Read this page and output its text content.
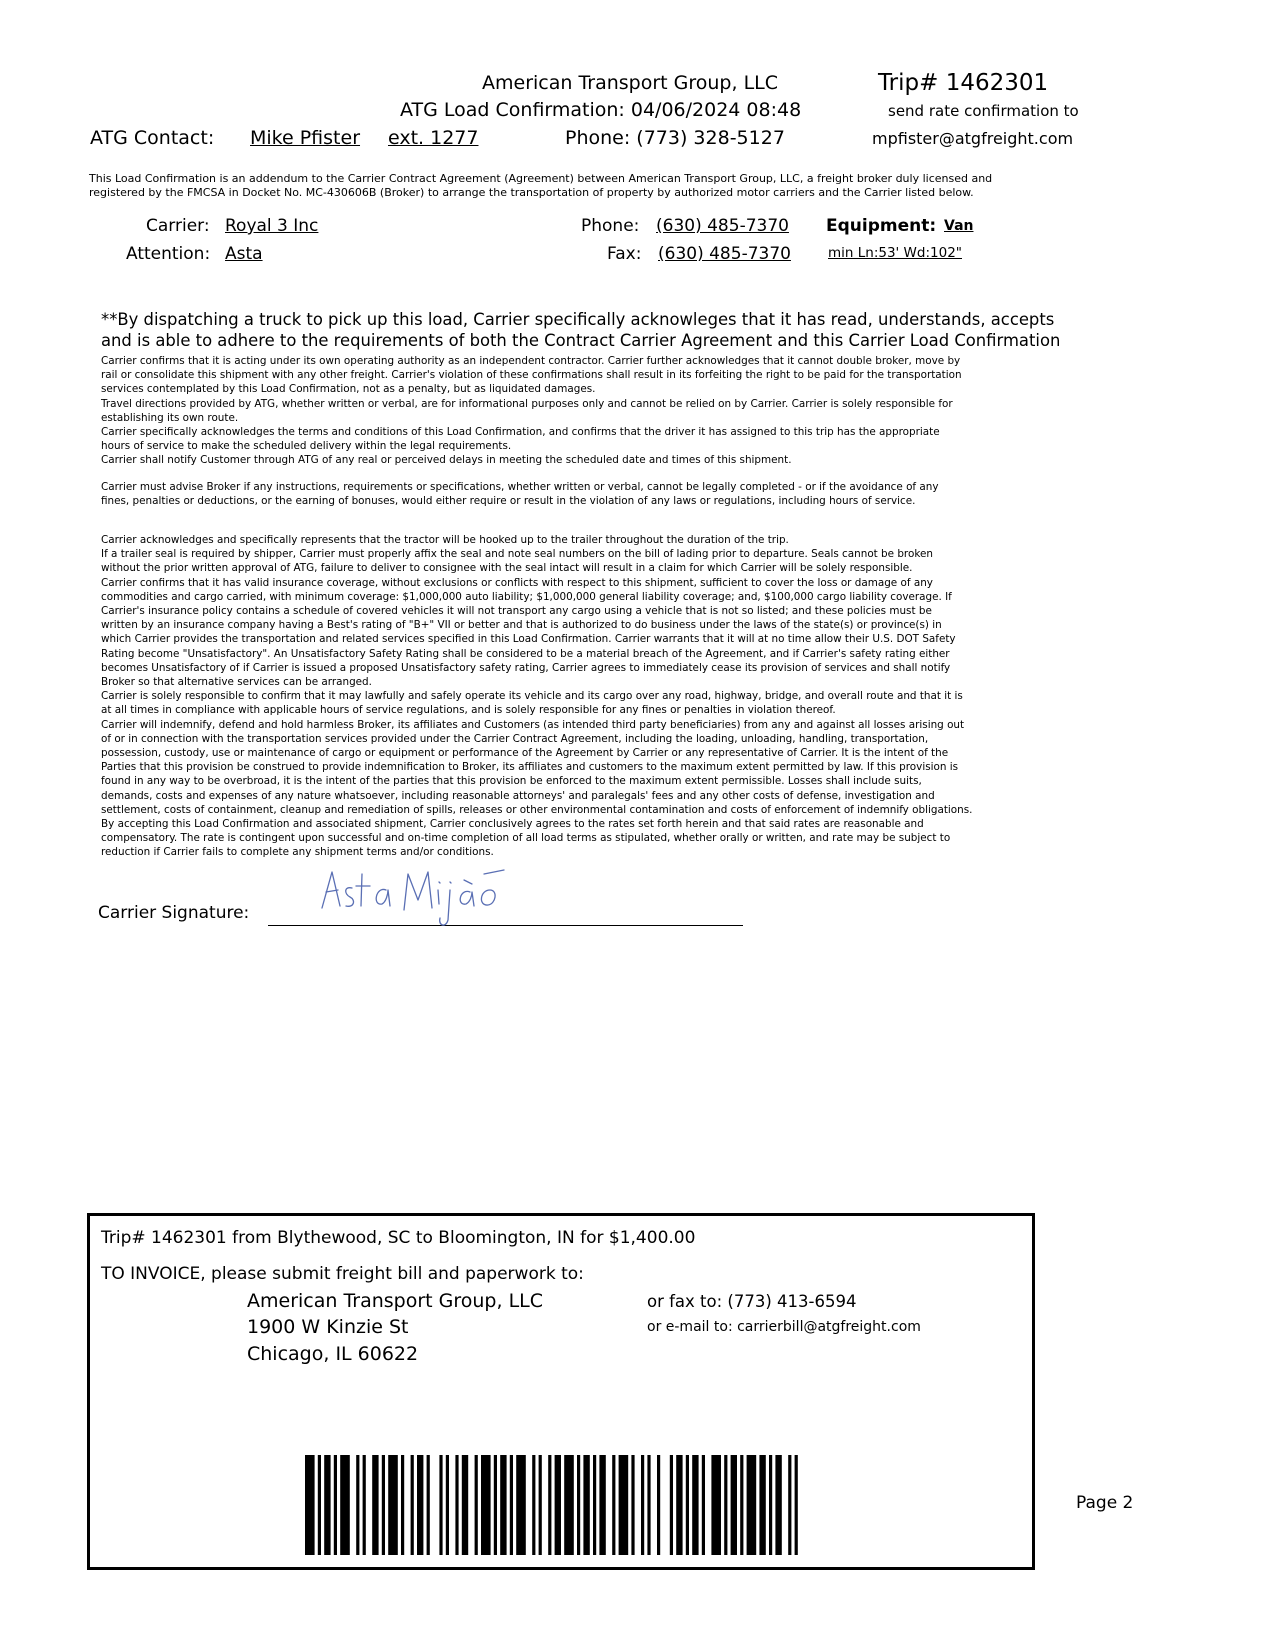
American Transport Group, LLC	Trip# 1462301
ATG Load Confirmation: 04/06/2024 08:48	send rate confirmation to
ATG Contact: Mike Pfister ext. 1277	Phone: (773) 328-5127	mpfister@atgfreight.com
This Load Confirmation is an addendum to the Carrier Contract Agreement (Agreement) between American Transport Group, LLC, a freight broker duly licensed and
registered by the FMCSA in Docket No. MC-430606B (Broker) to arrange the transportation of property by authorized motor carriers and the Carrier listed below.
Carrier: Royal 3 Inc
Attention: Asta
Phone: (630) 485-7370
Fax: (630) 485-7370
Equipment: Van
min Ln:53' Wd:102"
**By dispatching a truck to pick up this load, Carrier specifically acknowleges that it has read, understands, accepts
and is able to adhere to the requirements of both the Contract Carrier Agreement and this Carrier Load Confirmation

Carrier confirms that it is acting under its own operating authority as an independent contractor. Carrier further acknowledges that it cannot double broker, move by

rail or consolidate this shipment with any other freight. Carrier's violation of these confirmations shall result in its forfeiting the right to be paid for the transportation

services contemplated by this Load Confirmation, not as a penalty, but as liquidated damages.

Travel directions provided by ATG, whether written or verbal, are for informational purposes only and cannot be relied on by Carrier. Carrier is solely responsible for

establishing its own route.

Carrier specifically acknowledges the terms and conditions of this Load Confirmation, and confirms that the driver it has assigned to this trip has the appropriate

hours of service to make the scheduled delivery within the legal requirements.

Carrier shall notify Customer through ATG of any real or perceived delays in meeting the scheduled date and times of this shipment.

Carrier must advise Broker if any instructions, requirements or specifications, whether written or verbal, cannot be legally completed - or if the avoidance of any

fines, penalties or deductions, or the earning of bonuses, would either require or result in the violation of any laws or regulations, including hours of service.

Carrier acknowledges and specifically represents that the tractor will be hooked up to the trailer throughout the duration of the trip.

If a trailer seal is required by shipper, Carrier must properly affix the seal and note seal numbers on the bill of lading prior to departure. Seals cannot be broken

without the prior written approval of ATG, failure to deliver to consignee with the seal intact will result in a claim for which Carrier will be solely responsible.

Carrier confirms that it has valid insurance coverage, without exclusions or conflicts with respect to this shipment, sufficient to cover the loss or damage of any

commodities and cargo carried, with minimum coverage: $1,000,000 auto liability; $1,000,000 general liability coverage; and, $100,000 cargo liability coverage. If

Carrier's insurance policy contains a schedule of covered vehicles it will not transport any cargo using a vehicle that is not so listed; and these policies must be

written by an insurance company having a Best's rating of "B+" VII or better and that is authorized to do business under the laws of the state(s) or province(s) in

which Carrier provides the transportation and related services specified in this Load Confirmation. Carrier warrants that it will at no time allow their U.S. DOT Safety

Rating become "Unsatisfactory". An Unsatisfactory Safety Rating shall be considered to be a material breach of the Agreement, and if Carrier's safety rating either

becomes Unsatisfactory of if Carrier is issued a proposed Unsatisfactory safety rating, Carrier agrees to immediately cease its provision of services and shall notify

Broker so that alternative services can be arranged.

Carrier is solely responsible to confirm that it may lawfully and safely operate its vehicle and its cargo over any road, highway, bridge, and overall route and that it is

at all times in compliance with applicable hours of service regulations, and is solely responsible for any fines or penalties in violation thereof.

Carrier will indemnify, defend and hold harmless Broker, its affiliates and Customers (as intended third party beneficiaries) from any and against all losses arising out

of or in connection with the transportation services provided under the Carrier Contract Agreement, including the loading, unloading, handling, transportation,

possession, custody, use or maintenance of cargo or equipment or performance of the Agreement by Carrier or any representative of Carrier. It is the intent of the

Parties that this provision be construed to provide indemnification to Broker, its affiliates and customers to the maximum extent permitted by law. If this provision is

found in any way to be overbroad, it is the intent of the parties that this provision be enforced to the maximum extent permissible. Losses shall include suits,

demands, costs and expenses of any nature whatsoever, including reasonable attorneys' and paralegals' fees and any other costs of defense, investigation and

settlement, costs of containment, cleanup and remediation of spills, releases or other environmental contamination and costs of enforcement of indemnify obligations.

By accepting this Load Confirmation and associated shipment, Carrier conclusively agrees to the rates set forth herein and that said rates are reasonable and

compensatory. The rate is contingent upon successful and on-time completion of all load terms as stipulated, whether orally or written, and rate may be subject to

reduction if Carrier fails to complete any shipment terms and/or conditions.

Carrier Signature:
Trip# 1462301 from Blythewood, SC to Bloomington, IN for $1,400.00
TO INVOICE, please submit freight bill and paperwork to:
American Transport Group, LLC
1900 W Kinzie St
Chicago, IL 60622
or fax to: (773) 413-6594
or e-mail to: carrierbill@atgfreight.com
Page 2
